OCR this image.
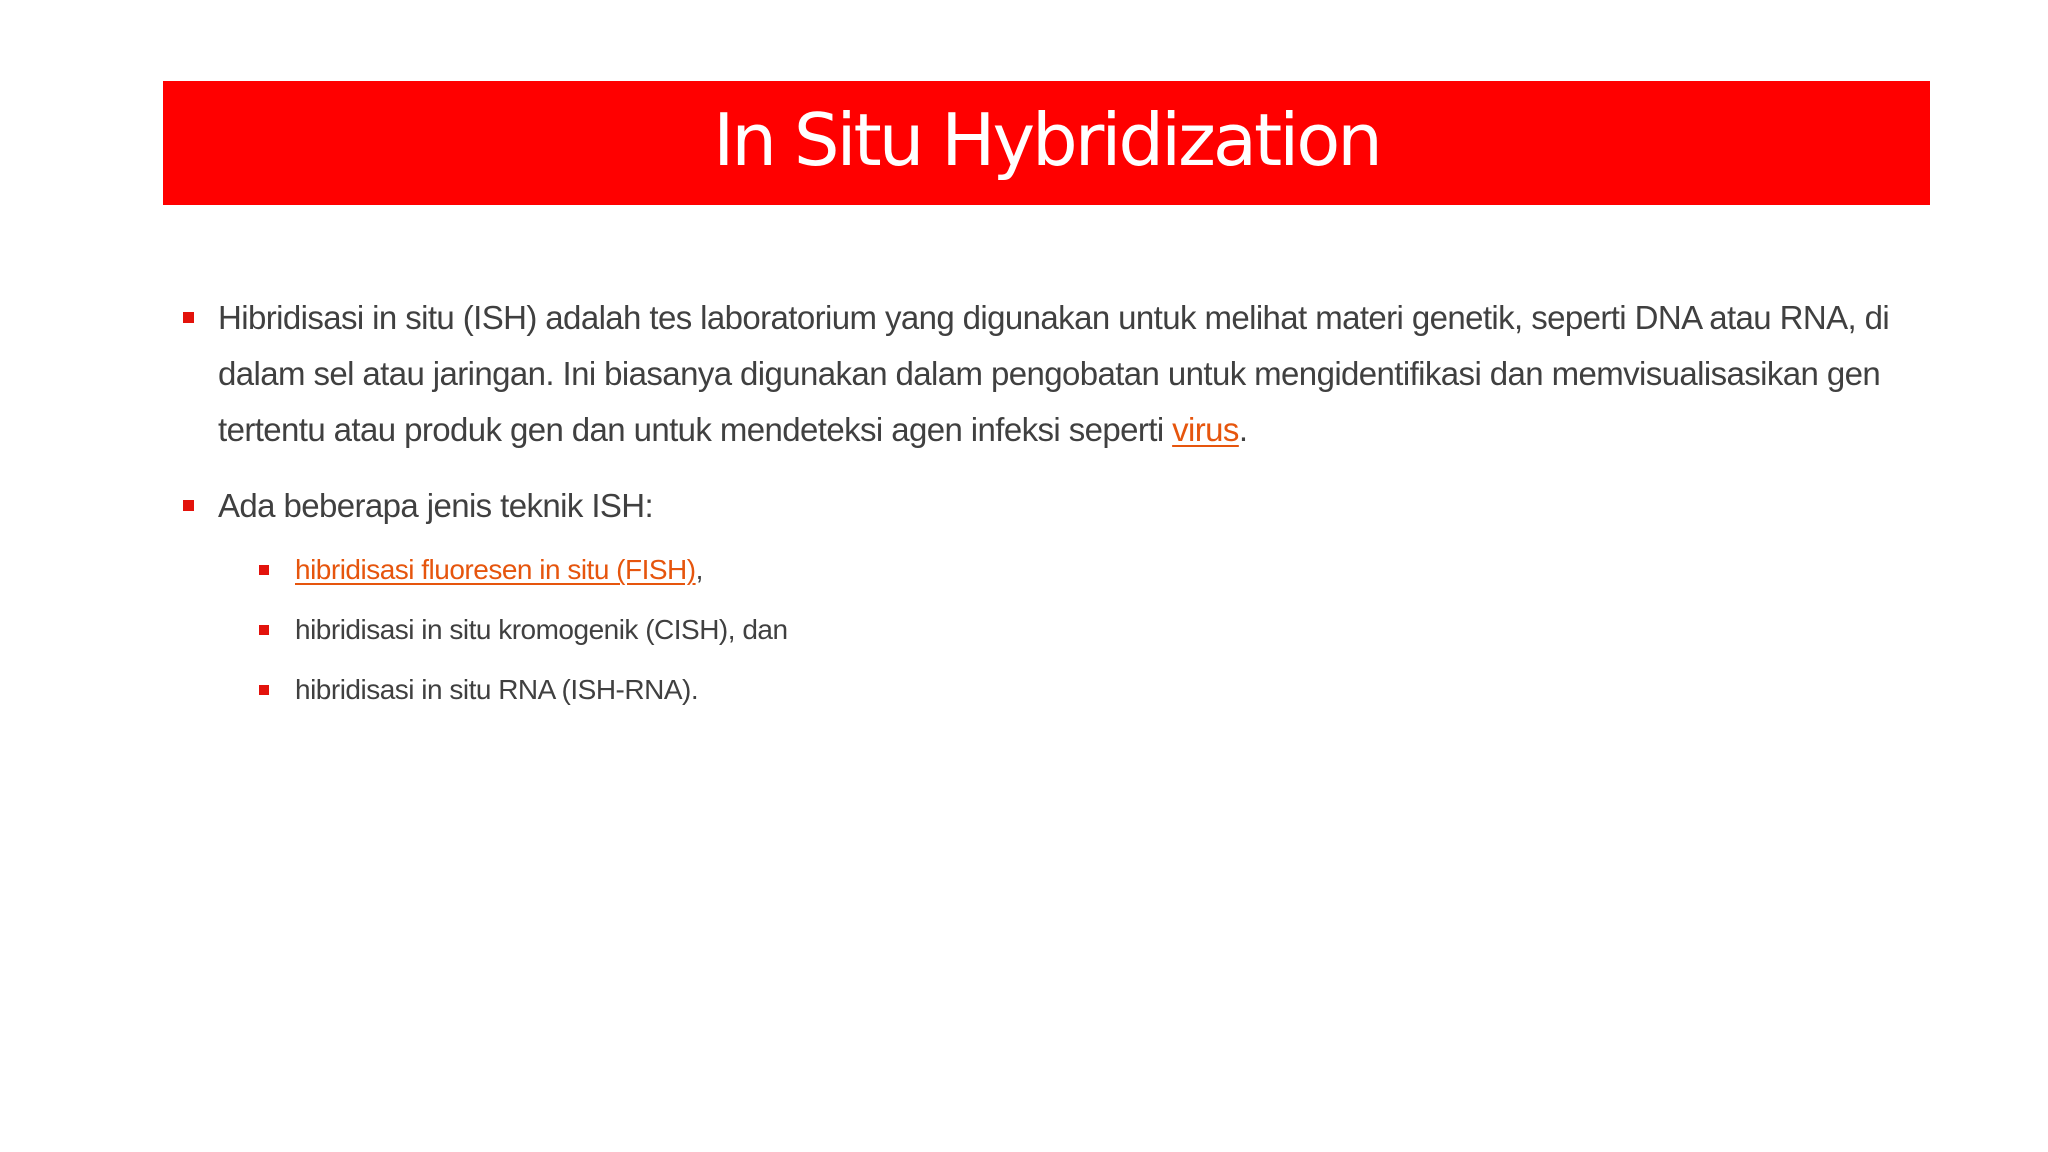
In Situ Hybridization
Hibridisasi in situ (ISH) adalah tes laboratorium yang digunakan untuk melihat materi genetik, seperti DNA atau RNA, di dalam sel atau jaringan. Ini biasanya digunakan dalam pengobatan untuk mengidentifikasi dan memvisualisasikan gen tertentu atau produk gen dan untuk mendeteksi agen infeksi seperti virus.
Ada beberapa jenis teknik ISH:
hibridisasi fluoresen in situ (FISH),
hibridisasi in situ kromogenik (CISH), dan
hibridisasi in situ RNA (ISH-RNA).
